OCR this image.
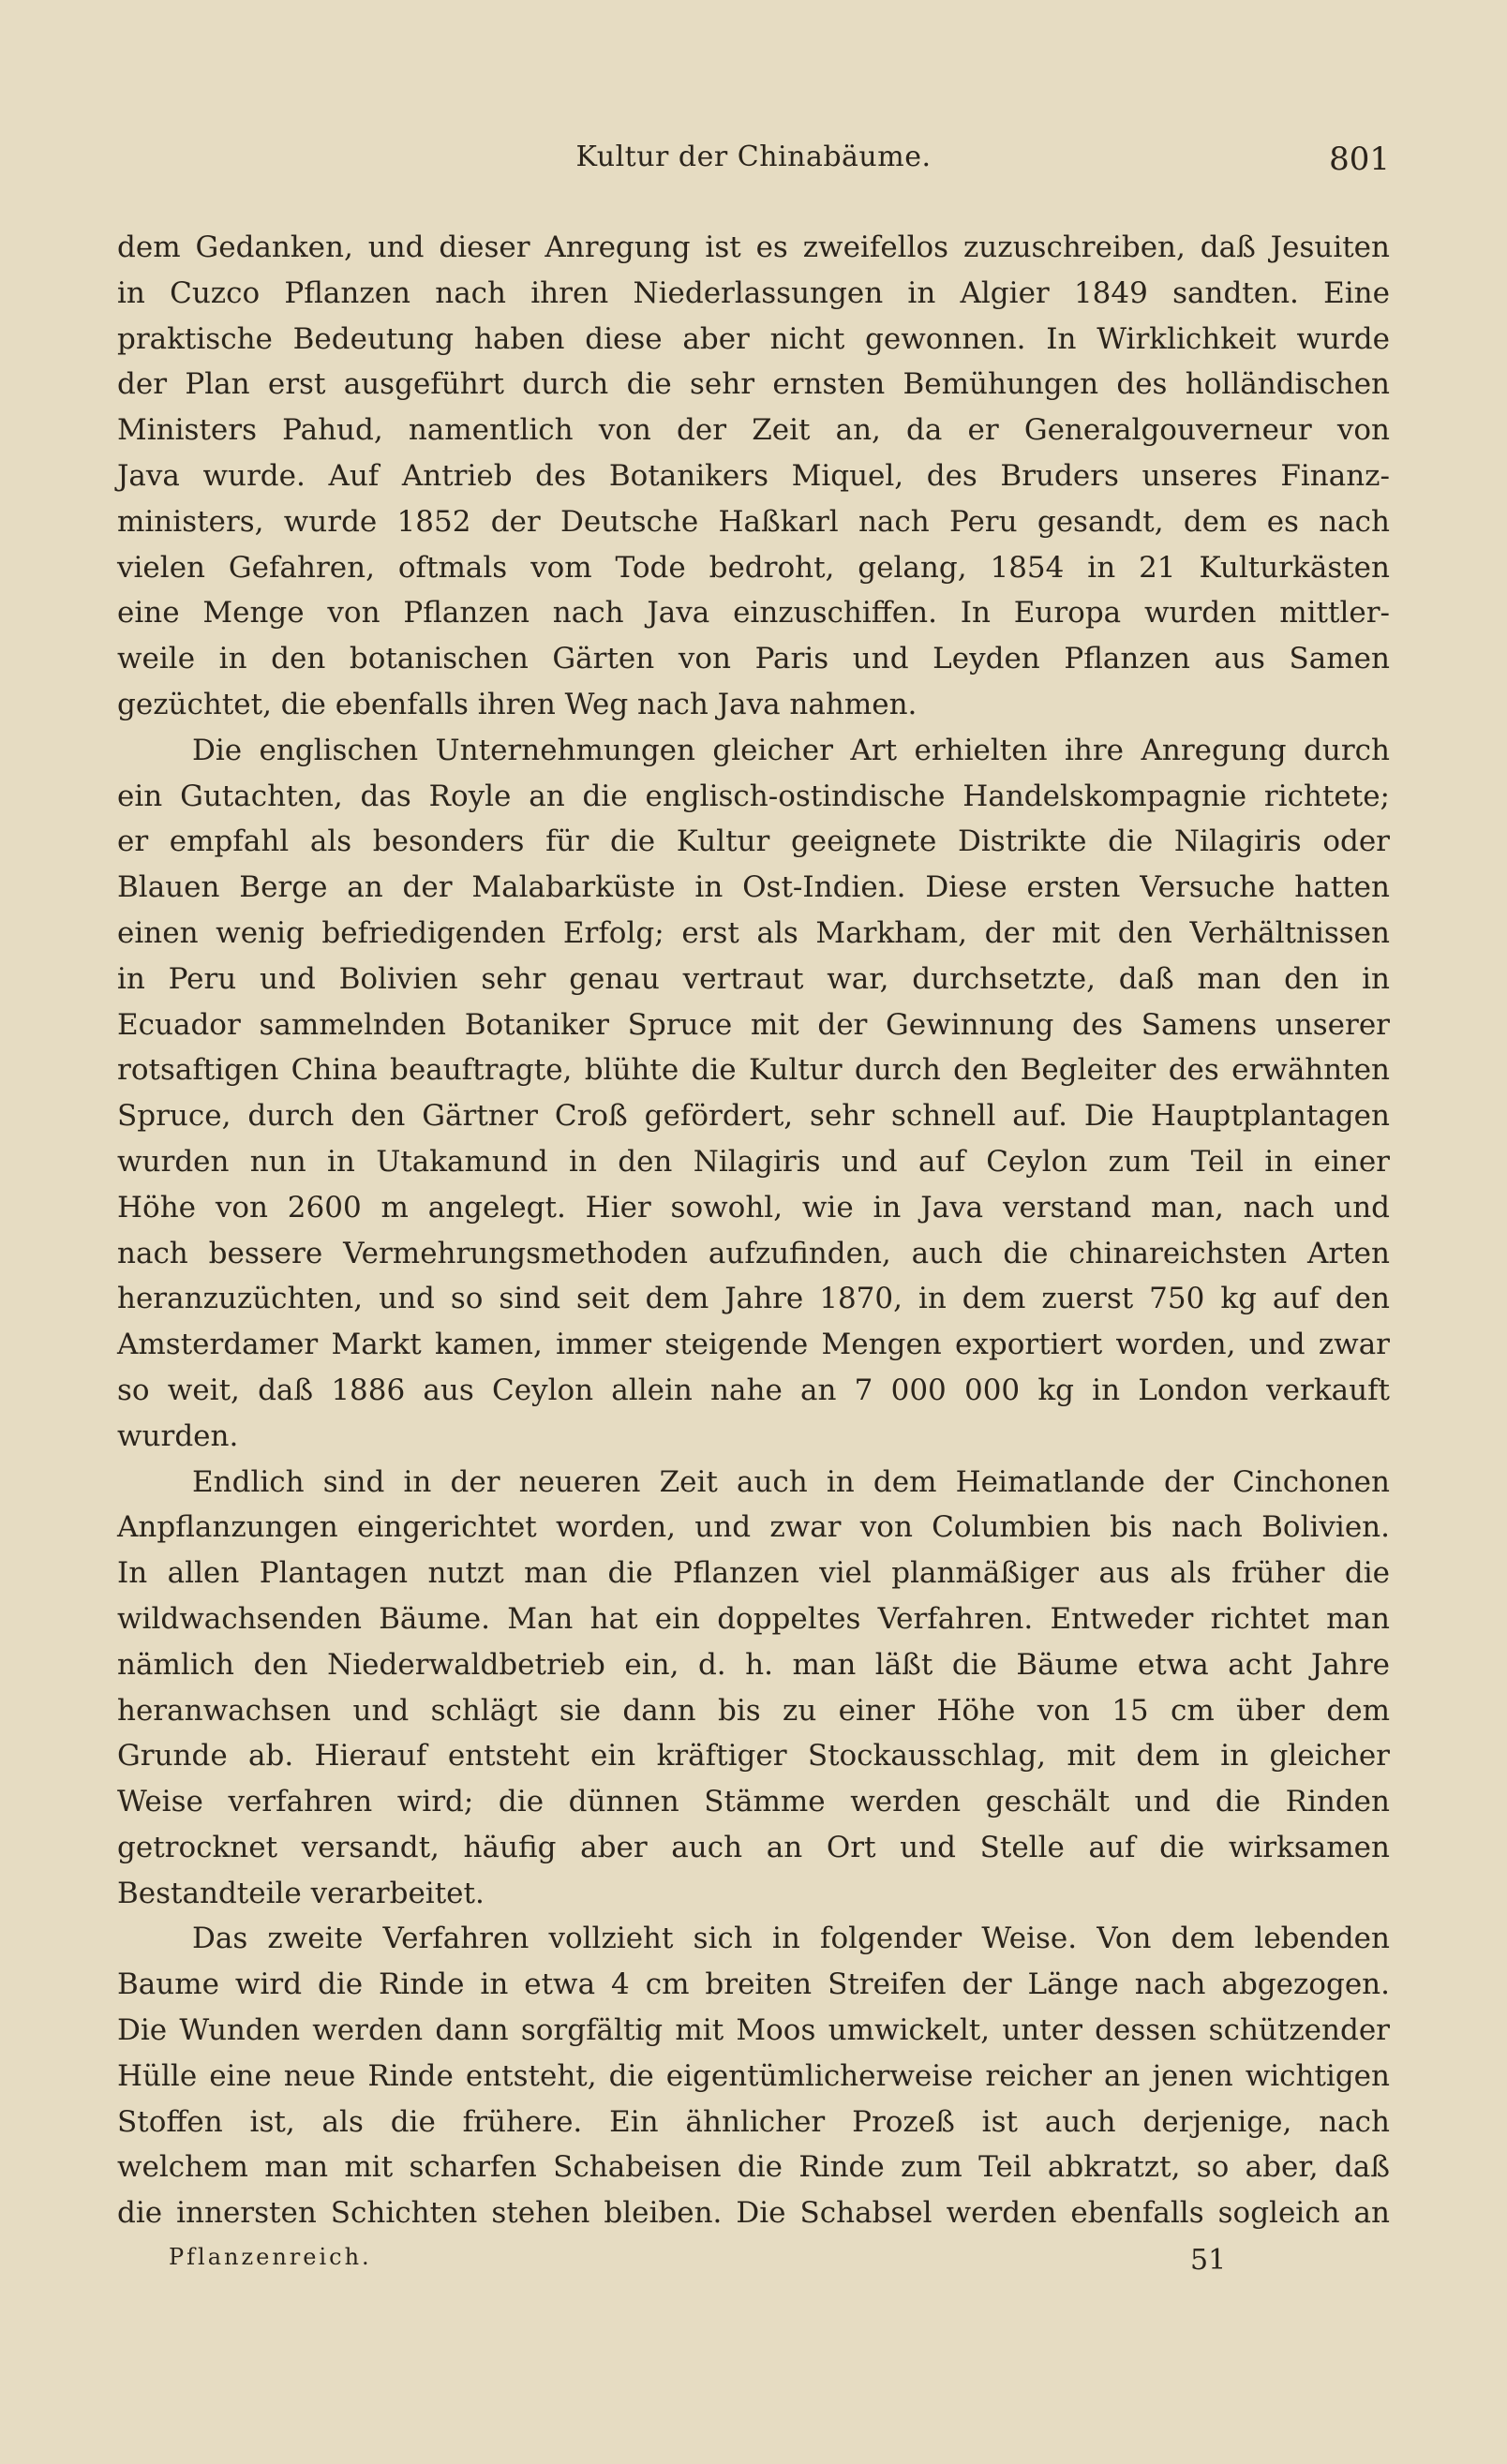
Kultur der Chinabäume.	801
dem Gedanken, und dieser Anregung ist es zweifellos zuzuschreiben, daß Jesuiten
in Cuzco Pflanzen nach ihren Niederlassungen in Algier 1849 sandten. Eine
praktische Bedeutung haben diese aber nicht gewonnen. In Wirklichkeit wurde
der Plan erst ausgeführt durch die sehr ernsten Bemühungen des holländischen
Ministers Pahud, namentlich von der Zeit an, da er Generalgouverneur von
Java wurde. Auf Antrieb des Botanikers Miquel, des Bruders unseres Finanz-
ministers, wurde 1852 der Deutsche Haßkarl nach Peru gesandt, dem es nach
vielen Gefahren, oftmals vom Tode bedroht, gelang, 1854 in 21 Kulturkästen
eine Menge von Pflanzen nach Java einzuschiffen. In Europa wurden mittler-
weile in den botanischen Gärten von Paris und Leyden Pflanzen aus Samen
gezüchtet, die ebenfalls ihren Weg nach Java nahmen.
Die englischen Unternehmungen gleicher Art erhielten ihre Anregung durch
ein Gutachten, das Royle an die englisch-ostindische Handelskompagnie richtete;
er empfahl als besonders für die Kultur geeignete Distrikte die Nilagiris oder
Blauen Berge an der Malabarküste in Ost-Indien. Diese ersten Versuche hatten
einen wenig befriedigenden Erfolg; erst als Markham, der mit den Verhältnissen
in Peru und Bolivien sehr genau vertraut war, durchsetzte, daß man den in
Ecuador sammelnden Botaniker Spruce mit der Gewinnung des Samens unserer
rotsaftigen China beauftragte, blühte die Kultur durch den Begleiter des erwähnten
Spruce, durch den Gärtner Croß gefördert, sehr schnell auf. Die Hauptplantagen
wurden nun in Utakamund in den Nilagiris und auf Ceylon zum Teil in einer
Höhe von 2600 m angelegt. Hier sowohl, wie in Java verstand man, nach und
nach bessere Vermehrungsmethoden aufzufinden, auch die chinareichsten Arten
heranzuzüchten, und so sind seit dem Jahre 1870, in dem zuerst 750 kg auf den
Amsterdamer Markt kamen, immer steigende Mengen exportiert worden, und zwar
so weit, daß 1886 aus Ceylon allein nahe an 7 000 000 kg in London verkauft
wurden.
Endlich sind in der neueren Zeit auch in dem Heimatlande der Cinchonen
Anpflanzungen eingerichtet worden, und zwar von Columbien bis nach Bolivien.
In allen Plantagen nutzt man die Pflanzen viel planmäßiger aus als früher die
wildwachsenden Bäume. Man hat ein doppeltes Verfahren. Entweder richtet man
nämlich den Niederwaldbetrieb ein, d. h. man läßt die Bäume etwa acht Jahre
heranwachsen und schlägt sie dann bis zu einer Höhe von 15 cm über dem
Grunde ab. Hierauf entsteht ein kräftiger Stockausschlag, mit dem in gleicher
Weise verfahren wird; die dünnen Stämme werden geschält und die Rinden
getrocknet versandt, häufig aber auch an Ort und Stelle auf die wirksamen
Bestandteile verarbeitet.
Das zweite Verfahren vollzieht sich in folgender Weise. Von dem lebenden
Baume wird die Rinde in etwa 4 cm breiten Streifen der Länge nach abgezogen.
Die Wunden werden dann sorgfältig mit Moos umwickelt, unter dessen schützender
Hülle eine neue Rinde entsteht, die eigentümlicherweise reicher an jenen wichtigen
Stoffen ist, als die frühere. Ein ähnlicher Prozeß ist auch derjenige, nach
welchem man mit scharfen Schabeisen die Rinde zum Teil abkratzt, so aber, daß
die innersten Schichten stehen bleiben. Die Schabsel werden ebenfalls sogleich an
Pflanzenreich.	51
